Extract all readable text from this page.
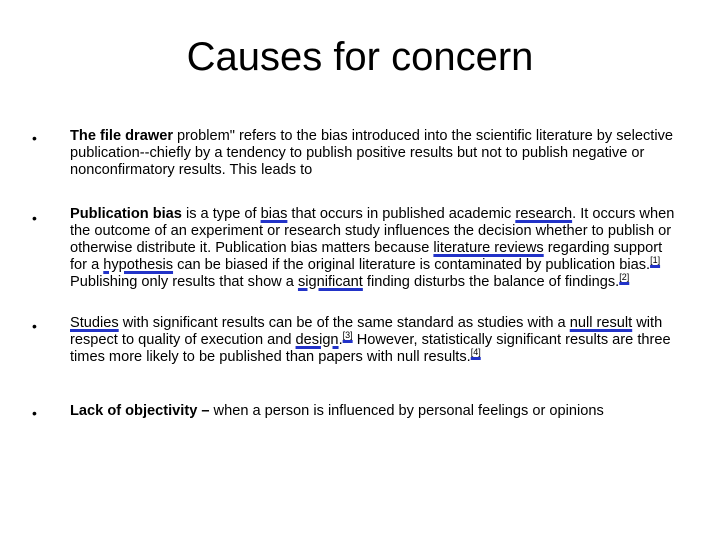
Causes for concern
• The file drawer problem" refers to the bias introduced into the scientific literature by selective publication--chiefly by a tendency to publish positive results but not to publish negative or nonconfirmatory results. This leads to
• Publication bias is a type of bias that occurs in published academic research. It occurs when the outcome of an experiment or research study influences the decision whether to publish or otherwise distribute it. Publication bias matters because literature reviews regarding support for a hypothesis can be biased if the original literature is contaminated by publication bias.[1] Publishing only results that show a significant finding disturbs the balance of findings.[2]
• Studies with significant results can be of the same standard as studies with a null result with respect to quality of execution and design.[3] However, statistically significant results are three times more likely to be published than papers with null results.[4]
• Lack of objectivity – when a person is influenced by personal feelings or opinions
